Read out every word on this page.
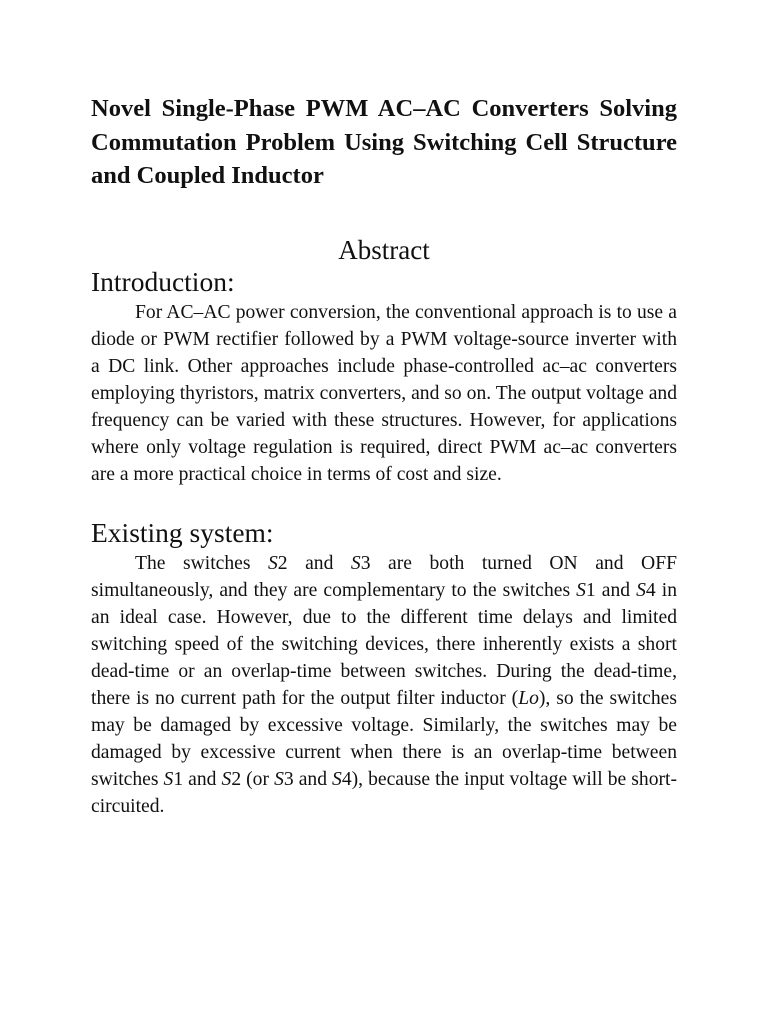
Novel Single-Phase PWM AC–AC Converters Solving Commutation Problem Using Switching Cell Structure and Coupled Inductor
Abstract
Introduction:

For AC–AC power conversion, the conventional approach is to use a diode or PWM rectifier followed by a PWM voltage-source inverter with a DC link. Other approaches include phase-controlled ac–ac converters employing thyristors, matrix converters, and so on. The output voltage and frequency can be varied with these structures. However, for applications where only voltage regulation is required, direct PWM ac–ac converters are a more practical choice in terms of cost and size.

Existing system:

The switches S2 and S3 are both turned ON and OFF simultaneously, and they are complementary to the switches S1 and S4 in an ideal case. However, due to the different time delays and limited switching speed of the switching devices, there inherently exists a short dead-time or an overlap-time between switches. During the dead-time, there is no current path for the output filter inductor (Lo), so the switches may be damaged by excessive voltage. Similarly, the switches may be damaged by excessive current when there is an overlap-time between switches S1 and S2 (or S3 and S4), because the input voltage will be short-circuited.
